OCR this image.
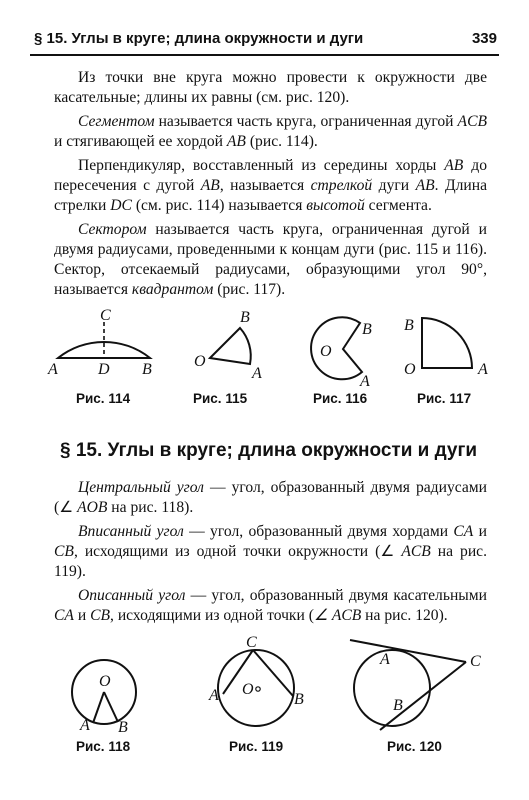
§ 15. Углы в круге; длина окружности и дуги	339

Из точки вне круга можно провести к окружности две касательные; длины их равны (см. рис. 120).

Сегментом называется часть круга, ограниченная дугой ACB и стягивающей ее хордой AB (рис. 114).

Перпендикуляр, восставленный из середины хорды AB до пересечения с дугой AB, называется стрелкой дуги AB. Длина стрелки DC (см. рис. 114) называется высотой сегмента.

Сектором называется часть круга, ограниченная дугой и двумя радиусами, проведенными к концам дуги (рис. 115 и 116). Сектор, отсекаемый радиусами, образующими угол 90°, называется квадрантом (рис. 117).

C
A	D B
Рис. 114
O
B
A
Рис. 115
O
B
A
Рис. 116
B
O	A
Рис. 117
§ 15. Углы в круге; длина окружности и дуги

Центральный угол — угол, образованный двумя радиусами (∠ AOB на рис. 118).

Вписанный угол — угол, образованный двумя хордами CA и CB, исходящими из одной точки окружности (∠ ACB на рис. 119).

Описанный угол — угол, образованный двумя касательными CA и CB, исходящими из одной точки (∠ ACB на рис. 120).

O
A B
Рис. 118
C
A O
B
Рис. 119
A	C
B
Рис. 120
